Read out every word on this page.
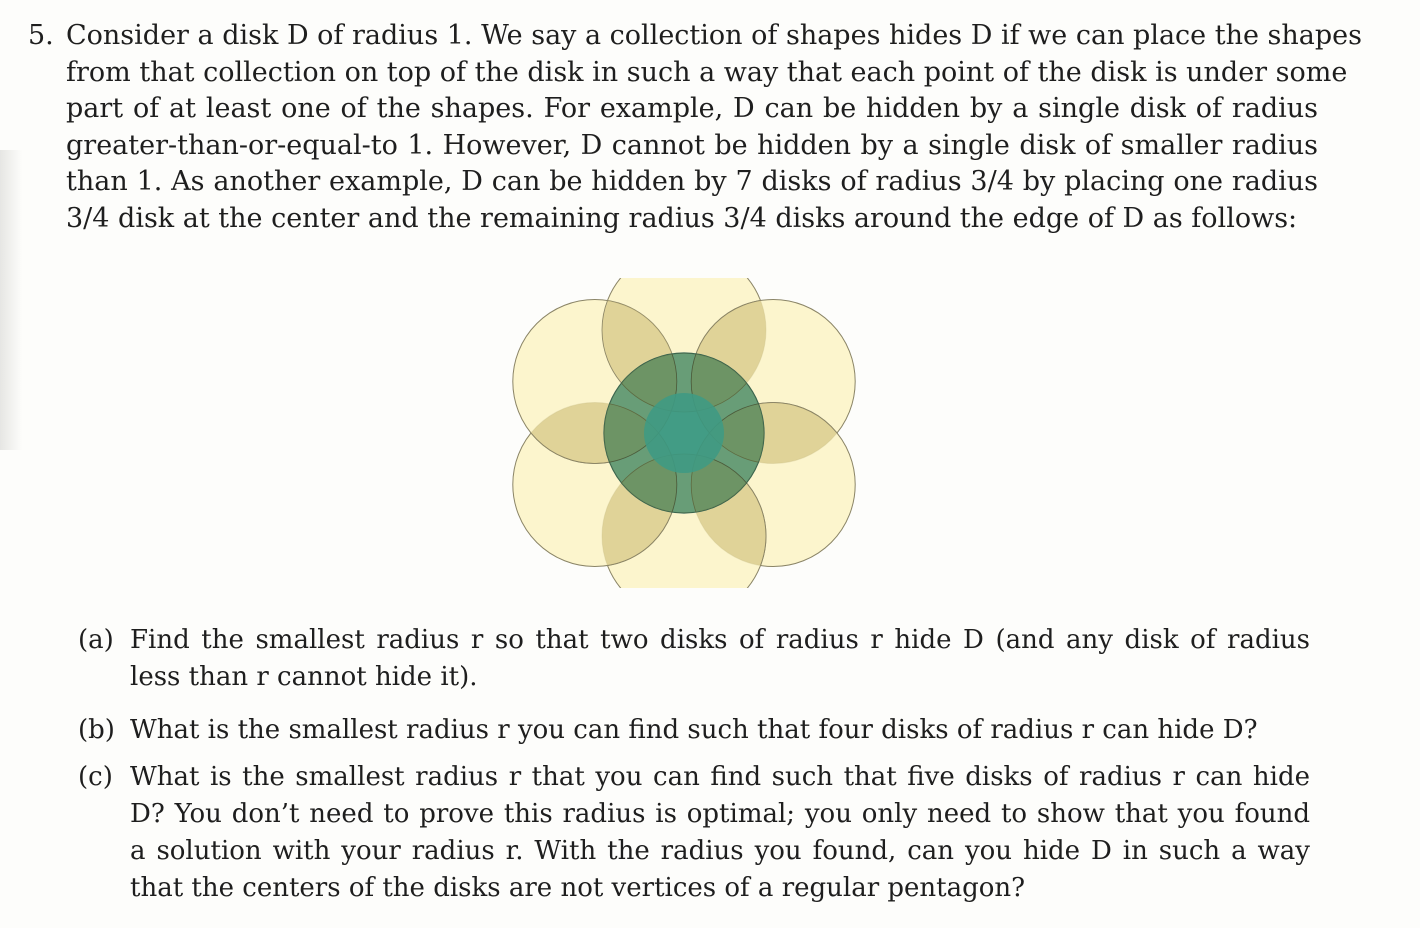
5. Consider a disk D of radius 1. We say a collection of shapes hides D if we can place the shapes
from that collection on top of the disk in such a way that each point of the disk is under some
part of at least one of the shapes. For example, D can be hidden by a single disk of radius
greater-than-or-equal-to 1. However, D cannot be hidden by a single disk of smaller radius
than 1. As another example, D can be hidden by 7 disks of radius 3/4 by placing one radius
3/4 disk at the center and the remaining radius 3/4 disks around the edge of D as follows:
(a) Find the smallest radius r so that two disks of radius r hide D (and any disk of radius
less than r cannot hide it).
(b) What is the smallest radius r you can find such that four disks of radius r can hide D?
(c) What is the smallest radius r that you can find such that five disks of radius r can hide
D? You don’t need to prove this radius is optimal; you only need to show that you found
a solution with your radius r. With the radius you found, can you hide D in such a way
that the centers of the disks are not vertices of a regular pentagon?
